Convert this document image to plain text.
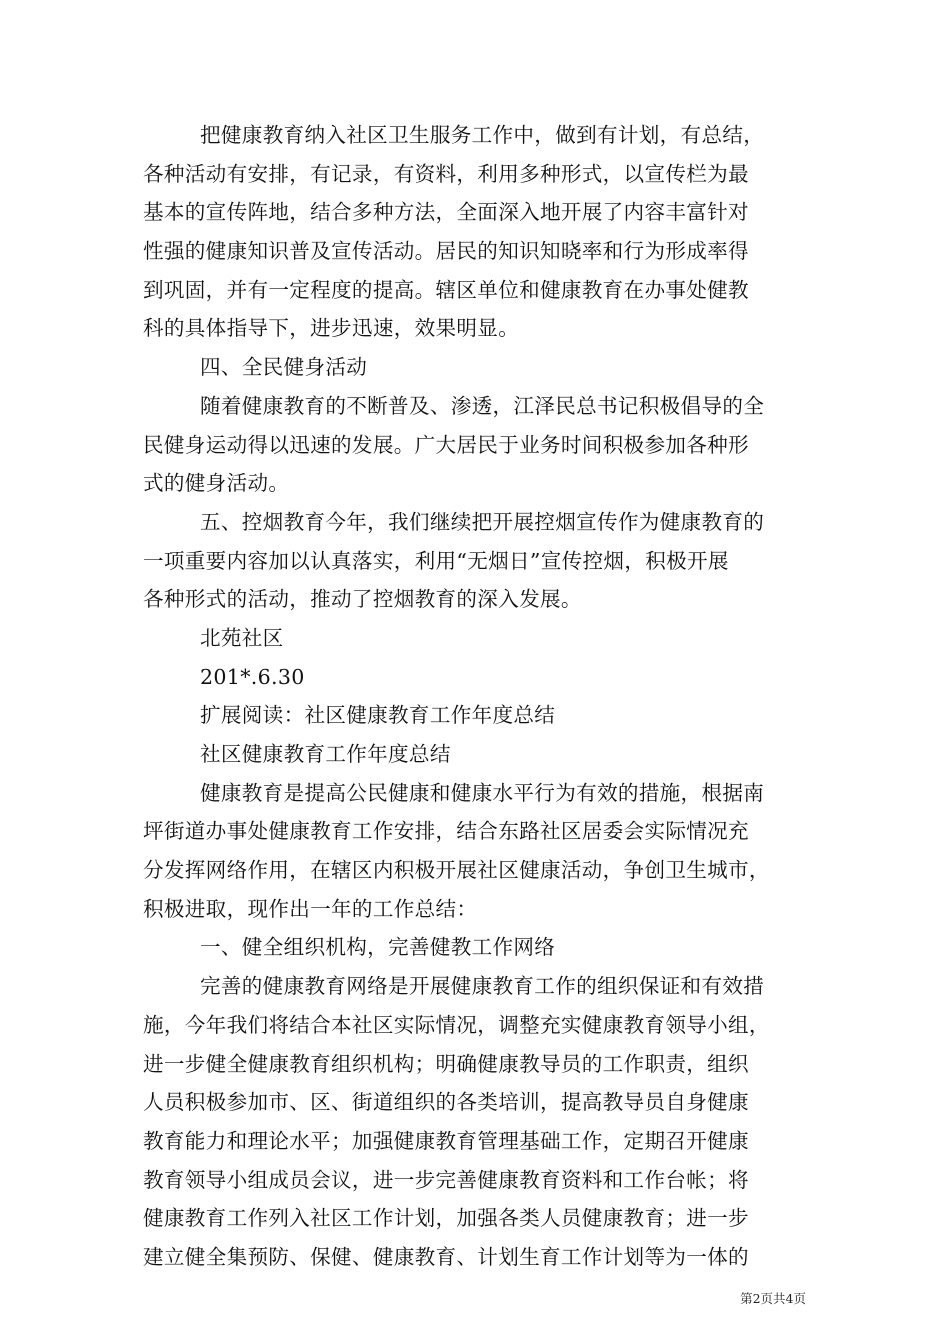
把健康教育纳入社区卫生服务工作中，做到有计划，有总结，
各种活动有安排，有记录，有资料，利用多种形式，以宣传栏为最
基本的宣传阵地，结合多种方法，全面深入地开展了内容丰富针对
性强的健康知识普及宣传活动。居民的知识知晓率和行为形成率得
到巩固，并有一定程度的提高。辖区单位和健康教育在办事处健教
科的具体指导下，进步迅速，效果明显。
四、全民健身活动
随着健康教育的不断普及、渗透，江泽民总书记积极倡导的全
民健身运动得以迅速的发展。广大居民于业务时间积极参加各种形
式的健身活动。
五、控烟教育今年，我们继续把开展控烟宣传作为健康教育的
一项重要内容加以认真落实，利用“无烟日”宣传控烟，积极开展
各种形式的活动，推动了控烟教育的深入发展。
北苑社区
201*.6.30
扩展阅读：社区健康教育工作年度总结
社区健康教育工作年度总结
健康教育是提高公民健康和健康水平行为有效的措施，根据南
坪街道办事处健康教育工作安排，结合东路社区居委会实际情况充
分发挥网络作用，在辖区内积极开展社区健康活动，争创卫生城市，
积极进取，现作出一年的工作总结：
一、健全组织机构，完善健教工作网络
完善的健康教育网络是开展健康教育工作的组织保证和有效措
施，今年我们将结合本社区实际情况，调整充实健康教育领导小组，
进一步健全健康教育组织机构；明确健康教导员的工作职责，组织
人员积极参加市、区、街道组织的各类培训，提高教导员自身健康
教育能力和理论水平；加强健康教育管理基础工作，定期召开健康
教育领导小组成员会议，进一步完善健康教育资料和工作台帐；将
健康教育工作列入社区工作计划，加强各类人员健康教育；进一步
建立健全集预防、保健、健康教育、计划生育工作计划等为一体的
第2页共4页
